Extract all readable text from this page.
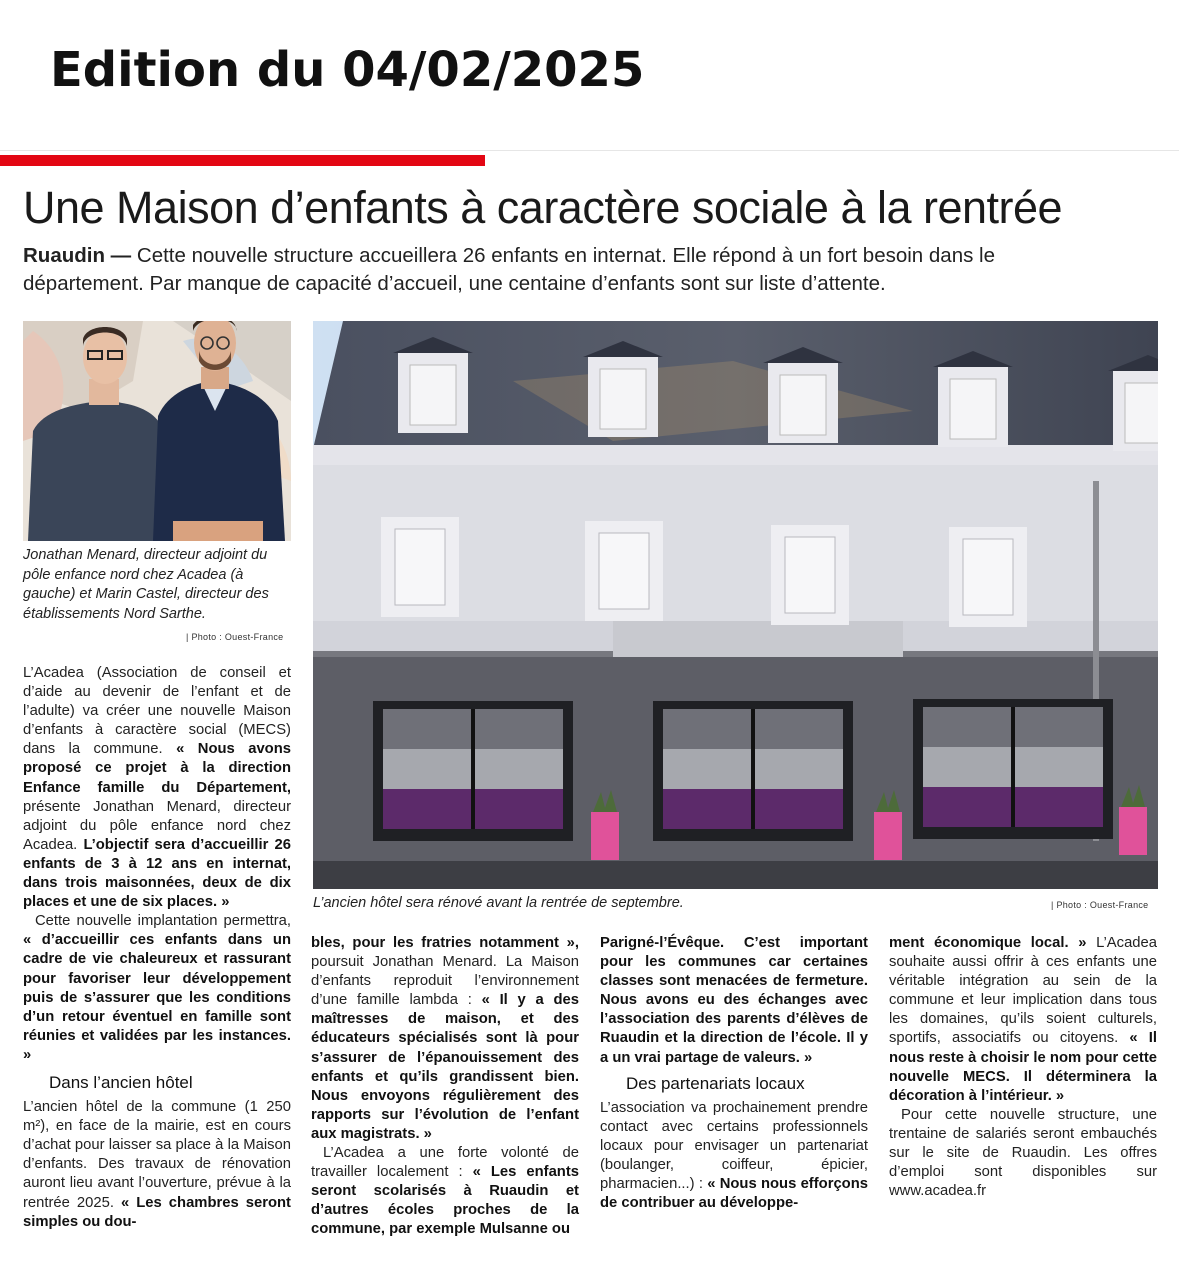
Edition du 04/02/2025
Une Maison d’enfants à caractère sociale à la rentrée
Ruaudin — Cette nouvelle structure accueillera 26 enfants en internat. Elle répond à un fort besoin dans le département. Par manque de capacité d’accueil, une centaine d’enfants sont sur liste d’attente.
Jonathan Menard, directeur adjoint du pôle enfance nord chez Acadea (à gauche) et Marin Castel, directeur des établissements Nord Sarthe.
| Photo : Ouest-France
L’ancien hôtel sera rénové avant la rentrée de septembre.	| Photo : Ouest-France

L’Acadea (Association de conseil et d’aide au devenir de l’enfant et de l’adulte) va créer une nouvelle Maison d’enfants à caractère social (MECS) dans la commune. « Nous avons proposé ce projet à la direction Enfance famille du Département, présente Jonathan Menard, directeur adjoint du pôle enfance nord chez Acadea. L’objectif sera d’accueillir 26 enfants de 3 à 12 ans en internat, dans trois maisonnées, deux de dix places et une de six places. »

Cette nouvelle implantation permettra, « d’accueillir ces enfants dans un cadre de vie chaleureux et rassurant pour favoriser leur développement puis de s’assurer que les conditions d’un retour éventuel en famille sont réunies et validées par les instances. »

Dans l’ancien hôtel

L’ancien hôtel de la commune (1 250 m²), en face de la mairie, est en cours d’achat pour laisser sa place à la Maison d’enfants. Des travaux de rénovation auront lieu avant l’ouverture, prévue à la rentrée 2025. « Les chambres seront simples ou dou-

bles, pour les fratries notamment », poursuit Jonathan Menard. La Maison d’enfants reproduit l’environnement d’une famille lambda : « Il y a des maîtresses de maison, et des éducateurs spécialisés sont là pour s’assurer de l’épanouissement des enfants et qu’ils grandissent bien. Nous envoyons régulièrement des rapports sur l’évolution de l’enfant aux magistrats. »

L’Acadea a une forte volonté de travailler localement : « Les enfants seront scolarisés à Ruaudin et d’autres écoles proches de la commune, par exemple Mulsanne ou

Parigné-l’Évêque. C’est important pour les communes car certaines classes sont menacées de fermeture. Nous avons eu des échanges avec l’association des parents d’élèves de Ruaudin et la direction de l’école. Il y a un vrai partage de valeurs. »

Des partenariats locaux

L’association va prochainement prendre contact avec certains professionnels locaux pour envisager un partenariat (boulanger, coiffeur, épicier, pharmacien...) : « Nous nous efforçons de contribuer au développe-

ment économique local. » L’Acadea souhaite aussi offrir à ces enfants une véritable intégration au sein de la commune et leur implication dans tous les domaines, qu’ils soient culturels, sportifs, associatifs ou citoyens. « Il nous reste à choisir le nom pour cette nouvelle MECS. Il déterminera la décoration à l’intérieur. »

Pour cette nouvelle structure, une trentaine de salariés seront embauchés sur le site de Ruaudin. Les offres d’emploi sont disponibles sur www.acadea.fr
